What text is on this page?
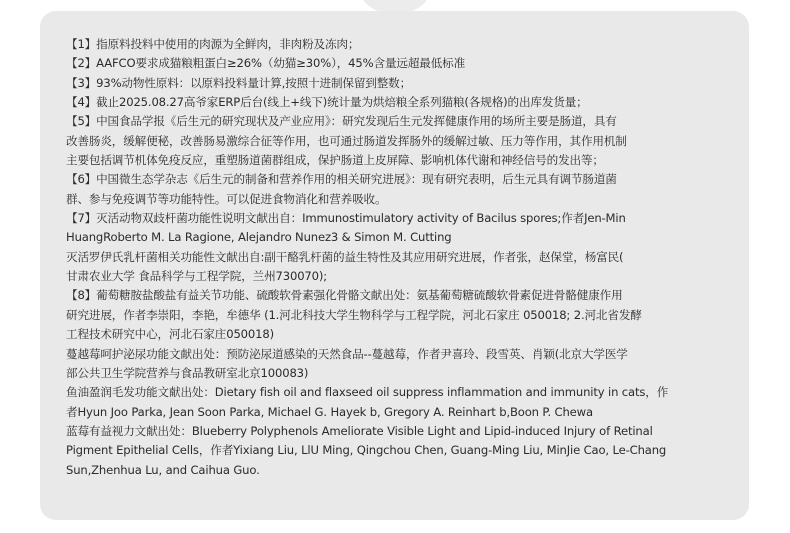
【1】指原料投料中使用的肉源为全鲜肉，非肉粉及冻肉；
【2】AAFCO要求成猫粮粗蛋白≥26%（幼猫≥30%），45%含量远超最低标准
【3】93%动物性原料：以原料投料量计算,按照十进制保留到整数；
【4】截止2025.08.27高爷家ERP后台(线上+线下)统计量为烘焙粮全系列猫粮(各规格)的出库发货量；
【5】中国食品学报《后生元的研究现状及产业应用》：研究发现后生元发挥健康作用的场所主要是肠道，具有
改善肠炎，缓解便秘，改善肠易激综合征等作用，也可通过肠道发挥肠外的缓解过敏、压力等作用，其作用机制
主要包括调节机体免疫反应，重塑肠道菌群组成，保护肠道上皮屏障、影响机体代谢和神经信号的发出等；
【6】中国微生态学杂志《后生元的制备和营养作用的相关研究进展》：现有研究表明，后生元具有调节肠道菌
群、参与免疫调节等功能特性。可以促进食物消化和营养吸收。
【7】灭活动物双歧杆菌功能性说明文献出自：Immunostimulatory activity of Bacilus spores;作者Jen-Min
HuangRoberto M. La Ragione, Alejandro Nunez3 & Simon M. Cutting
灭活罗伊氏乳杆菌相关功能性文献出自:副干酪乳杆菌的益生特性及其应用研究进展，作者张，赵保堂，杨富民(
甘肃农业大学 食品科学与工程学院，兰州730070);
【8】葡萄糖胺盐酸盐有益关节功能、硫酸软骨素强化骨骼文献出处：氨基葡萄糖硫酸软骨素促进骨骼健康作用
研究进展，作者李崇阳，李艳，牟德华 (1.河北科技大学生物科学与工程学院，河北石家庄 050018; 2.河北省发酵
工程技术研究中心，河北石家庄050018)
蔓越莓呵护泌尿功能文献出处：预防泌尿道感染的天然食品--蔓越莓，作者尹喜玲、段雪英、肖颖(北京大学医学
部公共卫生学院营养与食品教研室北京100083)
鱼油盈润毛发功能文献出处：Dietary fish oil and flaxseed oil suppress inflammation and immunity in cats，作
者Hyun Joo Parka, Jean Soon Parka, Michael G. Hayek b, Gregory A. Reinhart b,Boon P. Chewa
蓝莓有益视力文献出处：Blueberry Polyphenols Ameliorate Visible Light and Lipid-induced Injury of Retinal
Pigment Epithelial Cells，作者Yixiang Liu, LlU Ming, Qingchou Chen, Guang-Ming Liu, MinJie Cao, Le-Chang
Sun,Zhenhua Lu, and Caihua Guo.
